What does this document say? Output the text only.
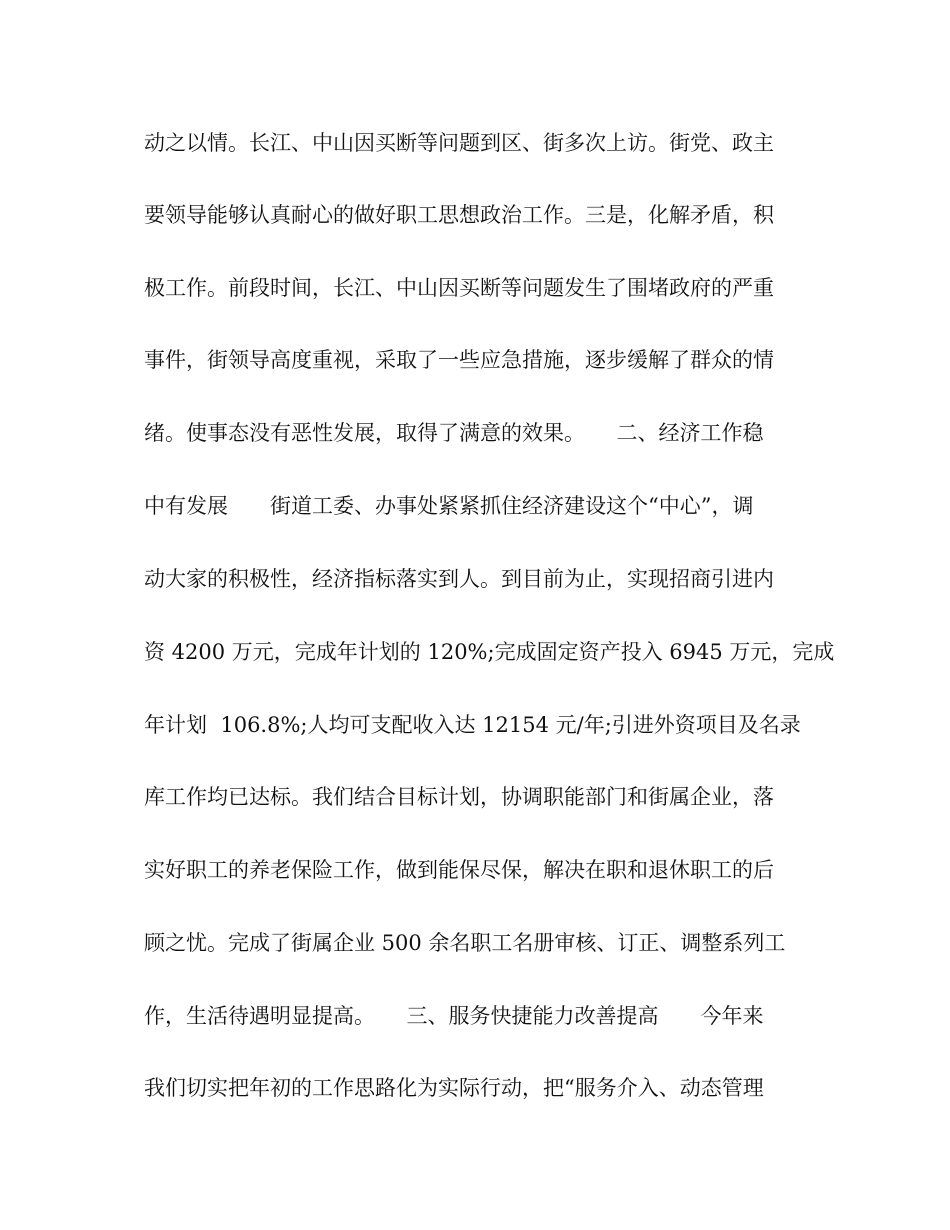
动之以情。长江、中山因买断等问题到区、街多次上访。街党、政主
要领导能够认真耐心的做好职工思想政治工作。三是，化解矛盾，积
极工作。前段时间，长江、中山因买断等问题发生了围堵政府的严重
事件，街领导高度重视，采取了一些应急措施，逐步缓解了群众的情
绪。使事态没有恶性发展，取得了满意的效果。　　二、经济工作稳
中有发展　　街道工委、办事处紧紧抓住经济建设这个“中心”，调
动大家的积极性，经济指标落实到人。到目前为止，实现招商引进内
资 4200 万元，完成年计划的 120%;完成固定资产投入 6945 万元，完成
年计划  106.8%;人均可支配收入达 12154 元/年;引进外资项目及名录
库工作均已达标。我们结合目标计划，协调职能部门和街属企业，落
实好职工的养老保险工作，做到能保尽保，解决在职和退休职工的后
顾之忧。完成了街属企业 500 余名职工名册审核、订正、调整系列工
作，生活待遇明显提高。　　三、服务快捷能力改善提高　　今年来
我们切实把年初的工作思路化为实际行动，把“服务介入、动态管理
